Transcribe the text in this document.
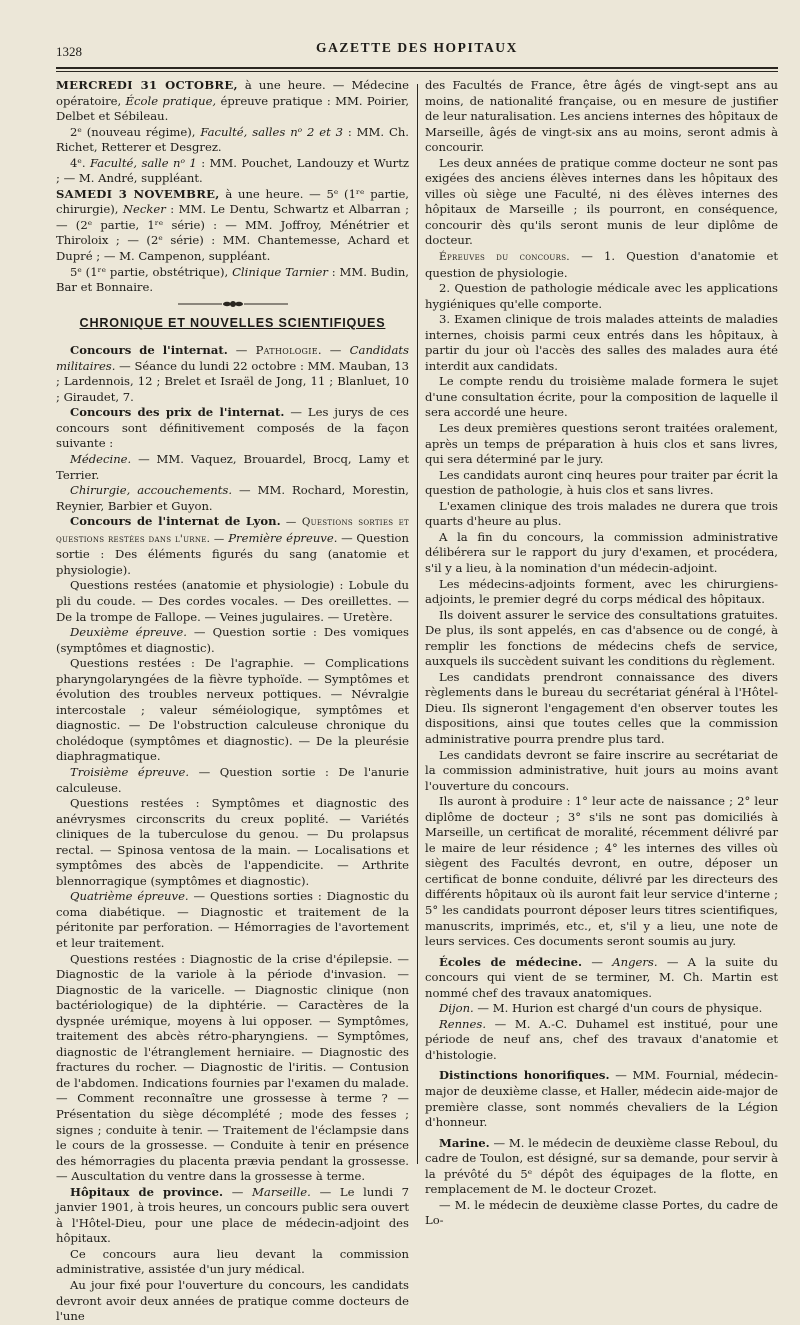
1328	GAZETTE DES HOPITAUX

MERCREDI 31 OCTOBRE, à une heure. — Médecine opératoire, École pratique, épreuve pratique : MM. Poirier, Delbet et Sébileau.

2ᵉ (nouveau régime), Faculté, salles nᵒ 2 et 3 : MM. Ch. Richet, Retterer et Desgrez.

4ᵉ. Faculté, salle nᵒ 1 : MM. Pouchet, Landouzy et Wurtz ; — M. André, suppléant.

SAMEDI 3 NOVEMBRE, à une heure. — 5ᵉ (1ʳᵉ partie, chirurgie), Necker : MM. Le Dentu, Schwartz et Albarran ; — (2ᵉ partie, 1ʳᵉ série) : — MM. Joffroy, Ménétrier et Thiroloix ; — (2ᵉ série) : MM. Chantemesse, Achard et Dupré ; — M. Campenon, suppléant.

5ᵉ (1ʳᵉ partie, obstétrique), Clinique Tarnier : MM. Budin, Bar et Bonnaire.

CHRONIQUE ET NOUVELLES SCIENTIFIQUES

Concours de l'internat. — Pathologie. — Candidats militaires. — Séance du lundi 22 octobre : MM. Mauban, 13 ; Lardennois, 12 ; Brelet et Israël de Jong, 11 ; Blanluet, 10 ; Giraudet, 7.

Concours des prix de l'internat. — Les jurys de ces concours sont définitivement composés de la façon suivante :

Médecine. — MM. Vaquez, Brouardel, Brocq, Lamy et Terrier.

Chirurgie, accouchements. — MM. Rochard, Morestin, Reynier, Barbier et Guyon.

Concours de l'internat de Lyon. — Questions sorties et questions restées dans l'urne. — Première épreuve. — Question sortie : Des éléments figurés du sang (anatomie et physiologie).

Questions restées (anatomie et physiologie) : Lobule du pli du coude. — Des cordes vocales. — Des oreillettes. — De la trompe de Fallope. — Veines jugulaires. — Uretère.

Deuxième épreuve. — Question sortie : Des vomiques (symptômes et diagnostic).

Questions restées : De l'agraphie. — Complications pharyngolaryngées de la fièvre typhoïde. — Symptômes et évolution des troubles nerveux pottiques. — Névralgie intercostale ; valeur séméiologique, symptômes et diagnostic. — De l'obstruction calculeuse chronique du cholédoque (symptômes et diagnostic). — De la pleurésie diaphragmatique.

Troisième épreuve. — Question sortie : De l'anurie calculeuse.

Questions restées : Symptômes et diagnostic des anévrysmes circonscrits du creux poplité. — Variétés cliniques de la tuberculose du genou. — Du prolapsus rectal. — Spinosa ventosa de la main. — Localisations et symptômes des abcès de l'appendicite. — Arthrite blennorragique (symptômes et diagnostic).

Quatrième épreuve. — Questions sorties : Diagnostic du coma diabétique. — Diagnostic et traitement de la péritonite par perforation. — Hémorragies de l'avortement et leur traitement.

Questions restées : Diagnostic de la crise d'épilepsie. — Diagnostic de la variole à la période d'invasion. — Diagnostic de la varicelle. — Diagnostic clinique (non bactériologique) de la diphtérie. — Caractères de la dyspnée urémique, moyens à lui opposer. — Symptômes, traitement des abcès rétro-pharyngiens. — Symptômes, diagnostic de l'étranglement herniaire. — Diagnostic des fractures du rocher. — Diagnostic de l'iritis. — Contusion de l'abdomen. Indications fournies par l'examen du malade. — Comment reconnaître une grossesse à terme ? — Présentation du siège décomplété ; mode des fesses ; signes ; conduite à tenir. — Traitement de l'éclampsie dans le cours de la grossesse. — Conduite à tenir en présence des hémorragies du placenta prævia pendant la grossesse. — Auscultation du ventre dans la grossesse à terme.

Hôpitaux de province. — Marseille. — Le lundi 7 janvier 1901, à trois heures, un concours public sera ouvert à l'Hôtel-Dieu, pour une place de médecin-adjoint des hôpitaux.

Ce concours aura lieu devant la commission administrative, assistée d'un jury médical.

Au jour fixé pour l'ouverture du concours, les candidats devront avoir deux années de pratique comme docteurs de l'une

des Facultés de France, être âgés de vingt-sept ans au moins, de nationalité française, ou en mesure de justifier de leur naturalisation. Les anciens internes des hôpitaux de Marseille, âgés de vingt-six ans au moins, seront admis à concourir.

Les deux années de pratique comme docteur ne sont pas exigées des anciens élèves internes dans les hôpitaux des villes où siège une Faculté, ni des élèves internes des hôpitaux de Marseille ; ils pourront, en conséquence, concourir dès qu'ils seront munis de leur diplôme de docteur.

Épreuves du concours. — 1. Question d'anatomie et question de physiologie.

2. Question de pathologie médicale avec les applications hygiéniques qu'elle comporte.

3. Examen clinique de trois malades atteints de maladies internes, choisis parmi ceux entrés dans les hôpitaux, à partir du jour où l'accès des salles des malades aura été interdit aux candidats.

Le compte rendu du troisième malade formera le sujet d'une consultation écrite, pour la composition de laquelle il sera accordé une heure.

Les deux premières questions seront traitées oralement, après un temps de préparation à huis clos et sans livres, qui sera déterminé par le jury.

Les candidats auront cinq heures pour traiter par écrit la question de pathologie, à huis clos et sans livres.

L'examen clinique des trois malades ne durera que trois quarts d'heure au plus.

A la fin du concours, la commission administrative délibérera sur le rapport du jury d'examen, et procédera, s'il y a lieu, à la nomination d'un médecin-adjoint.

Les médecins-adjoints forment, avec les chirurgiens-adjoints, le premier degré du corps médical des hôpitaux.

Ils doivent assurer le service des consultations gratuites. De plus, ils sont appelés, en cas d'absence ou de congé, à remplir les fonctions de médecins chefs de service, auxquels ils succèdent suivant les conditions du règlement.

Les candidats prendront connaissance des divers règlements dans le bureau du secrétariat général à l'Hôtel-Dieu. Ils signeront l'engagement d'en observer toutes les dispositions, ainsi que toutes celles que la commission administrative pourra prendre plus tard.

Les candidats devront se faire inscrire au secrétariat de la commission administrative, huit jours au moins avant l'ouverture du concours.

Ils auront à produire : 1° leur acte de naissance ; 2° leur diplôme de docteur ; 3° s'ils ne sont pas domiciliés à Marseille, un certificat de moralité, récemment délivré par le maire de leur résidence ; 4° les internes des villes où siègent des Facultés devront, en outre, déposer un certificat de bonne conduite, délivré par les directeurs des différents hôpitaux où ils auront fait leur service d'interne ; 5° les candidats pourront déposer leurs titres scientifiques, manuscrits, imprimés, etc., et, s'il y a lieu, une note de leurs services. Ces documents seront soumis au jury.

Écoles de médecine. — Angers. — A la suite du concours qui vient de se terminer, M. Ch. Martin est nommé chef des travaux anatomiques.

Dijon. — M. Hurion est chargé d'un cours de physique.

Rennes. — M. A.-C. Duhamel est institué, pour une période de neuf ans, chef des travaux d'anatomie et d'histologie.

Distinctions honorifiques. — MM. Fournial, médecin-major de deuxième classe, et Haller, médecin aide-major de première classe, sont nommés chevaliers de la Légion d'honneur.

Marine. — M. le médecin de deuxième classe Reboul, du cadre de Toulon, est désigné, sur sa demande, pour servir à la prévôté du 5ᵉ dépôt des équipages de la flotte, en remplacement de M. le docteur Crozet.

— M. le médecin de deuxième classe Portes, du cadre de Lo-
